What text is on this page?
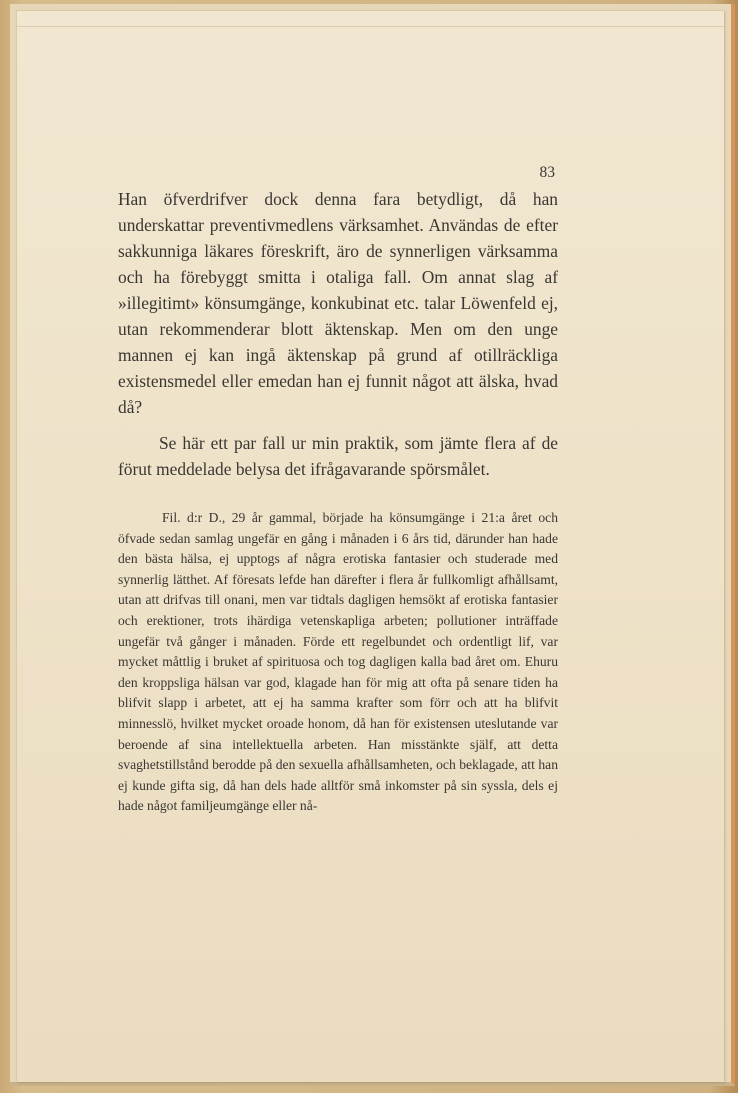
83

Han öfverdrifver dock denna fara betydligt, då han underskattar preventivmedlens värksamhet. Användas de efter sakkunniga läkares föreskrift, äro de synnerligen värksamma och ha förebyggt smitta i otaliga fall. Om annat slag af »illegitimt» könsumgänge, konkubinat etc. talar Löwenfeld ej, utan rekommenderar blott äktenskap. Men om den unge mannen ej kan ingå äktenskap på grund af otillräckliga existensmedel eller emedan han ej funnit något att älska, hvad då?

Se här ett par fall ur min praktik, som jämte flera af de förut meddelade belysa det ifrågavarande spörsmålet.

Fil. d:r D., 29 år gammal, började ha könsumgänge i 21:a året och öfvade sedan samlag ungefär en gång i månaden i 6 års tid, därunder han hade den bästa hälsa, ej upptogs af några erotiska fantasier och studerade med synnerlig lätthet. Af föresats lefde han därefter i flera år fullkomligt afhållsamt, utan att drifvas till onani, men var tidtals dagligen hemsökt af erotiska fantasier och erektioner, trots ihärdiga vetenskapliga arbeten; pollutioner inträffade ungefär två gånger i månaden. Förde ett regelbundet och ordentligt lif, var mycket måttlig i bruket af spirituosa och tog dagligen kalla bad året om. Ehuru den kroppsliga hälsan var god, klagade han för mig att ofta på senare tiden ha blifvit slapp i arbetet, att ej ha samma krafter som förr och att ha blifvit minnesslö, hvilket mycket oroade honom, då han för existensen uteslutande var beroende af sina intellektuella arbeten. Han misstänkte själf, att detta svaghetstillstånd berodde på den sexuella afhållsamheten, och beklagade, att han ej kunde gifta sig, då han dels hade alltför små inkomster på sin syssla, dels ej hade något familjeumgänge eller nå-
